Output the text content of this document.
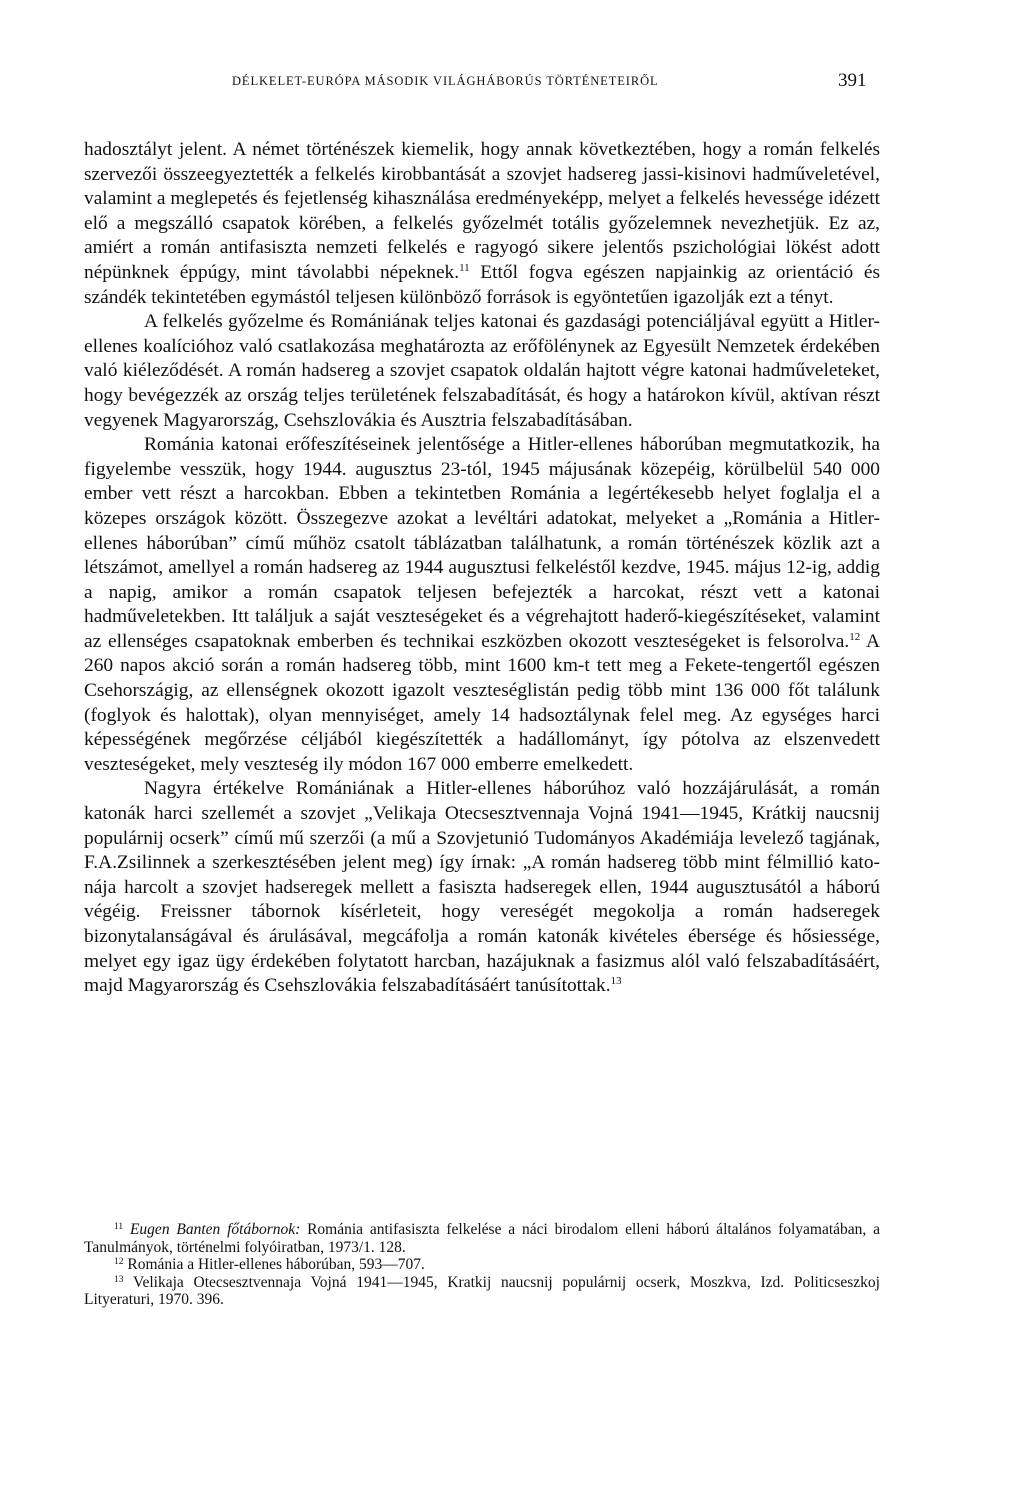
DÉLKELET-EURÓPA MÁSODIK VILÁGHÁBORÚS TÖRTÉNETEIRŐL	391

hadosztályt jelent. A német történészek kiemelik, hogy annak következtében, hogy a román felkelés szervezői összeegyeztették a felkelés kirobbantását a szovjet hadsereg jassi-kisinovi hadműveletével, valamint a meglepetés és fejetlenség kihasználása eredményeképp, melyet a felkelés hevessége idézett elő a megszálló csapatok körében, a felkelés győzelmét totális győzelemnek nevezhetjük. Ez az, amiért a román antifasiszta nemzeti felkelés e ragyogó sikere jelentős pszichológiai lökést adott népünknek éppúgy, mint távolabbi népeknek.$^{11}$ Ettől fogva egészen napjainkig az orientáció és szándék tekintetében egymástól teljesen különböző források is egyöntetűen igazolják ezt a tényt.

A felkelés győzelme és Romániának teljes katonai és gazdasági potenciáljával együtt a Hitler-ellenes koalícióhoz való csatlakozása meghatározta az erőfölénynek az Egyesült Nemzetek érdekében való kiéleződését. A román hadsereg a szovjet csapatok oldalán hajtott végre katonai hadműveleteket, hogy bevégezzék az ország teljes területének felszabadítását, és hogy a határokon kívül, aktívan részt vegyenek Magyarország, Csehszlovákia és Ausztria felszabadításában.

Románia katonai erőfeszítéseinek jelentősége a Hitler-ellenes háborúban megmutatkozik, ha figyelembe vesszük, hogy 1944. augusztus 23-tól, 1945 májusának közepéig, körülbelül 540 000 ember vett részt a harcokban. Ebben a tekintetben Románia a legértékesebb helyet foglalja el a közepes országok között. Összegezve azokat a levéltári adatokat, melyeket a „Románia a Hitler-ellenes háborúban” című műhöz csatolt táblázatban találhatunk, a román történészek közlik azt a létszámot, amellyel a román hadsereg az 1944 augusztusi felkeléstől kezdve, 1945. május 12-ig, addig a napig, amikor a román csapatok teljesen befejezték a harcokat, részt vett a katonai hadműveletekben. Itt találjuk a saját veszteségeket és a végrehajtott haderő-kiegészítéseket, valamint az ellenséges csapatoknak emberben és technikai eszközben okozott veszteségeket is felsorolva.$^{12}$ A 260 napos akció során a román hadsereg több, mint 1600 km-t tett meg a Fekete-tengertől egészen Csehországig, az ellenségnek okozott igazolt veszteséglistán pedig több mint 136 000 főt találunk (foglyok és halottak), olyan mennyiséget, amely 14 hadsoztálynak felel meg. Az egységes harci képességének megőrzése céljából kiegészítették a hadállományt, így pótolva az elszenvedett veszteségeket, mely veszteség ily módon 167 000 emberre emelkedett.

Nagyra értékelve Romániának a Hitler-ellenes háborúhoz való hozzájárulását, a román katonák harci szellemét a szovjet „Velikaja Otecsesztvennaja Vojná 1941—1945, Krátkij naucsnij populárnij ocserk” című mű szerzői (a mű a Szovjetunió Tudományos Akadémiája levelező tagjának, F.A.Zsilinnek a szerkesztésében jelent meg) így írnak: „A román hadsereg több mint félmillió katonája harcolt a szovjet hadseregek mellett a fasiszta hadseregek ellen, 1944 augusztusától a háború végéig. Freissner tábornok kísérleteit, hogy vereségét megokolja a román hadseregek bizonytalanságával és árulásával, megcáfolja a román katonák kivételes ébersége és hősiessége, melyet egy igaz ügy érdekében folytatott harcban, hazájuknak a fasizmus alól való felszabadításáért, majd Magyarország és Csehszlovákia felszabadításáért tanúsítottak.$^{13}$

$^{11}$ Eugen Banten főtábornok: Románia antifasiszta felkelése a náci birodalom elleni háború általános folyamatában, a Tanulmányok, történelmi folyóiratban, 1973/1. 128.

$^{12}$ Románia a Hitler-ellenes háborúban, 593—707.

$^{13}$ Velikaja Otecsesztvennaja Vojná 1941—1945, Kratkij naucsnij populárnij ocserk, Moszkva, Izd. Politicseszkoj Lityeraturi, 1970. 396.
